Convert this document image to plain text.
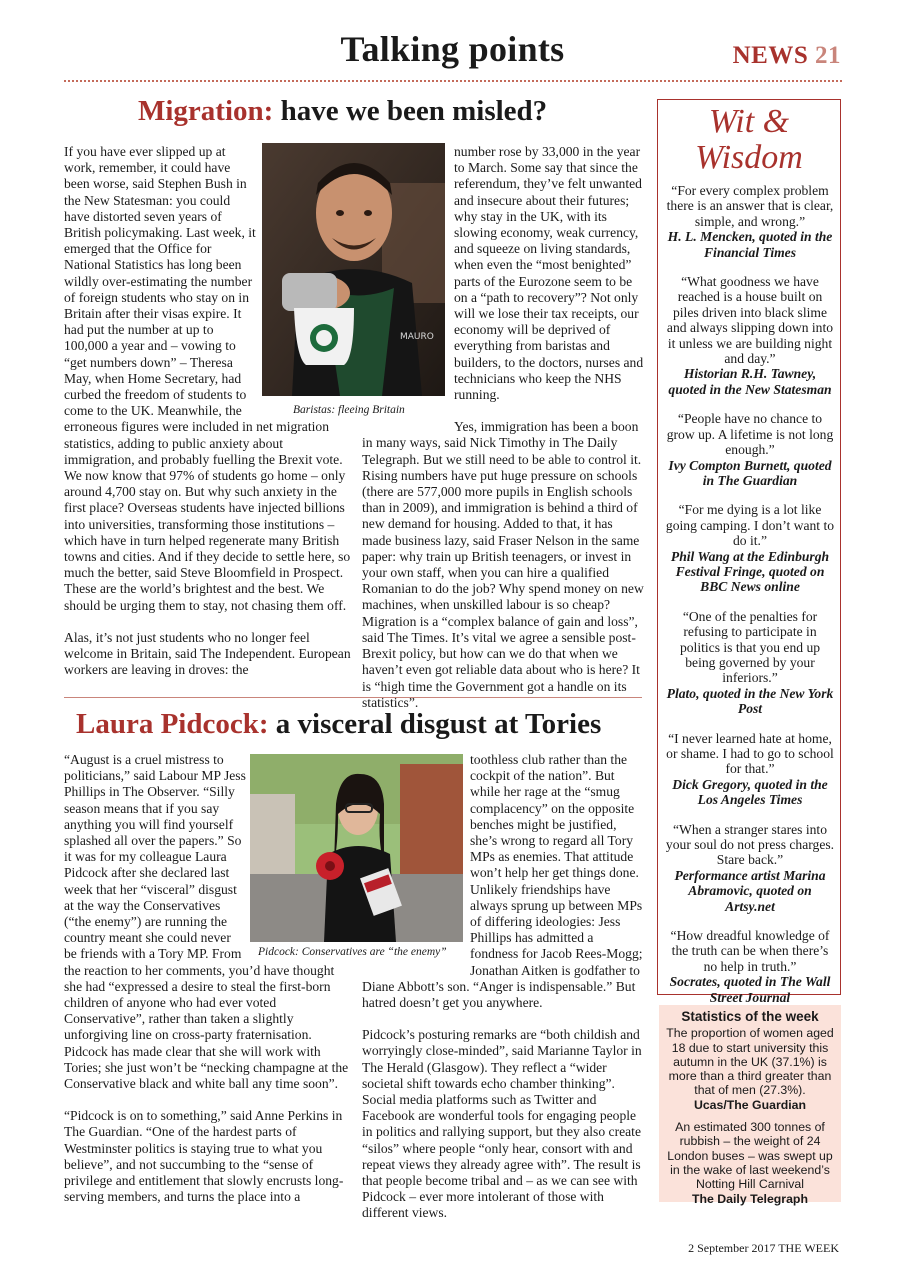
Talking points	NEWS 21
Migration: have we been misled?
MAURO
Baristas: fleeing Britain

If you have ever slipped up at work, remember, it could have been worse, said Stephen Bush in the New Statesman: you could have distorted seven years of British policymaking. Last week, it emerged that the Office for National Statistics has long been wildly over-estimating the number of foreign students who stay on in Britain after their visas expire. It had put the number at up to 100,000 a year and – vowing to “get numbers down” – Theresa May, when Home Secretary, had curbed the freedom of students to come to the UK. Meanwhile, the erroneous figures were included in net migration statistics, adding to public anxiety about immigration, and probably fuelling the Brexit vote. We now know that 97% of students go home – only around 4,700 stay on. But why such anxiety in the first place? Overseas students have injected billions into universities, transforming those institutions – which have in turn helped regenerate many British towns and cities. And if they decide to settle here, so much the better, said Steve Bloomfield in Prospect. These are the world’s brightest and the best. We should be urging them to stay, not chasing them off.

Alas, it’s not just students who no longer feel welcome in Britain, said The Independent. European workers are leaving in droves: the

number rose by 33,000 in the year to March. Some say that since the referendum, they’ve felt unwanted and insecure about their futures; why stay in the UK, with its slowing economy, weak currency, and squeeze on living standards, when even the “most benighted” parts of the Eurozone seem to be on a “path to recovery”? Not only will we lose their tax receipts, our economy will be deprived of everything from baristas and builders, to the doctors, nurses and technicians who keep the NHS running.

Yes, immigration has been a boon in many ways, said Nick Timothy in The Daily Telegraph. But we still need to be able to control it. Rising numbers have put huge pressure on schools (there are 577,000 more pupils in English schools than in 2009), and immigration is behind a third of new demand for housing. Added to that, it has made business lazy, said Fraser Nelson in the same paper: why train up British teenagers, or invest in your own staff, when you can hire a qualified Romanian to do the job? Why spend money on new machines, when unskilled labour is so cheap? Migration is a “complex balance of gain and loss”, said The Times. It’s vital we agree a sensible post-Brexit policy, but how can we do that when we haven’t even got reliable data about who is here? It is “high time the Government got a handle on its statistics”.

Laura Pidcock: a visceral disgust at Tories
Pidcock: Conservatives are “the enemy”

“August is a cruel mistress to politicians,” said Labour MP Jess Phillips in The Observer. “Silly season means that if you say anything you will find yourself splashed all over the papers.” So it was for my colleague Laura Pidcock after she declared last week that her “visceral” disgust at the way the Conservatives (“the enemy”) are running the country meant she could never be friends with a Tory MP. From the reaction to her comments, you’d have thought she had “expressed a desire to steal the first-born children of anyone who had ever voted Conservative”, rather than taken a slightly unforgiving line on cross-party fraternisation. Pidcock has made clear that she will work with Tories; she just won’t be “necking champagne at the Conservative black and white ball any time soon”.

“Pidcock is on to something,” said Anne Perkins in The Guardian. “One of the hardest parts of Westminster politics is staying true to what you believe”, and not succumbing to the “sense of privilege and entitlement that slowly encrusts long-serving members, and turns the place into a

toothless club rather than the cockpit of the nation”. But while her rage at the “smug complacency” on the opposite benches might be justified, she’s wrong to regard all Tory MPs as enemies. That attitude won’t help her get things done. Unlikely friendships have always sprung up between MPs of differing ideologies: Jess Phillips has admitted a fondness for Jacob Rees-Mogg; Jonathan Aitken is godfather to Diane Abbott’s son. “Anger is indispensable.” But hatred doesn’t get you anywhere.

Pidcock’s posturing remarks are “both childish and worryingly close-minded”, said Marianne Taylor in The Herald (Glasgow). They reflect a “wider societal shift towards echo chamber thinking”. Social media platforms such as Twitter and Facebook are wonderful tools for engaging people in politics and rallying support, but they also create “silos” where people “only hear, consort with and repeat views they already agree with”. The result is that people become tribal and – as we can see with Pidcock – ever more intolerant of those with different views.

Wit &
Wisdom
“For every complex problem there is an answer that is clear, simple, and wrong.”
H. L. Mencken, quoted in the Financial Times
“What goodness we have reached is a house built on piles driven into black slime and always slipping down into it unless we are building night and day.”
Historian R.H. Tawney, quoted in the New Statesman
“People have no chance to grow up. A lifetime is not long enough.”
Ivy Compton Burnett, quoted in The Guardian
“For me dying is a lot like going camping. I don’t want to do it.”
Phil Wang at the Edinburgh Festival Fringe, quoted on BBC News online
“One of the penalties for refusing to participate in politics is that you end up being governed by your inferiors.”
Plato, quoted in the New York Post
“I never learned hate at home, or shame. I had to go to school for that.”
Dick Gregory, quoted in the Los Angeles Times
“When a stranger stares into your soul do not press charges. Stare back.”
Performance artist Marina Abramovic, quoted on Artsy.net
“How dreadful knowledge of the truth can be when there’s no help in truth.”
Socrates, quoted in The Wall Street Journal
Statistics of the week
The proportion of women aged 18 due to start university this autumn in the UK (37.1%) is more than a third greater than that of men (27.3%).
Ucas/The Guardian
An estimated 300 tonnes of rubbish – the weight of 24 London buses – was swept up in the wake of last weekend’s Notting Hill Carnival
The Daily Telegraph
2 September 2017 THE WEEK
